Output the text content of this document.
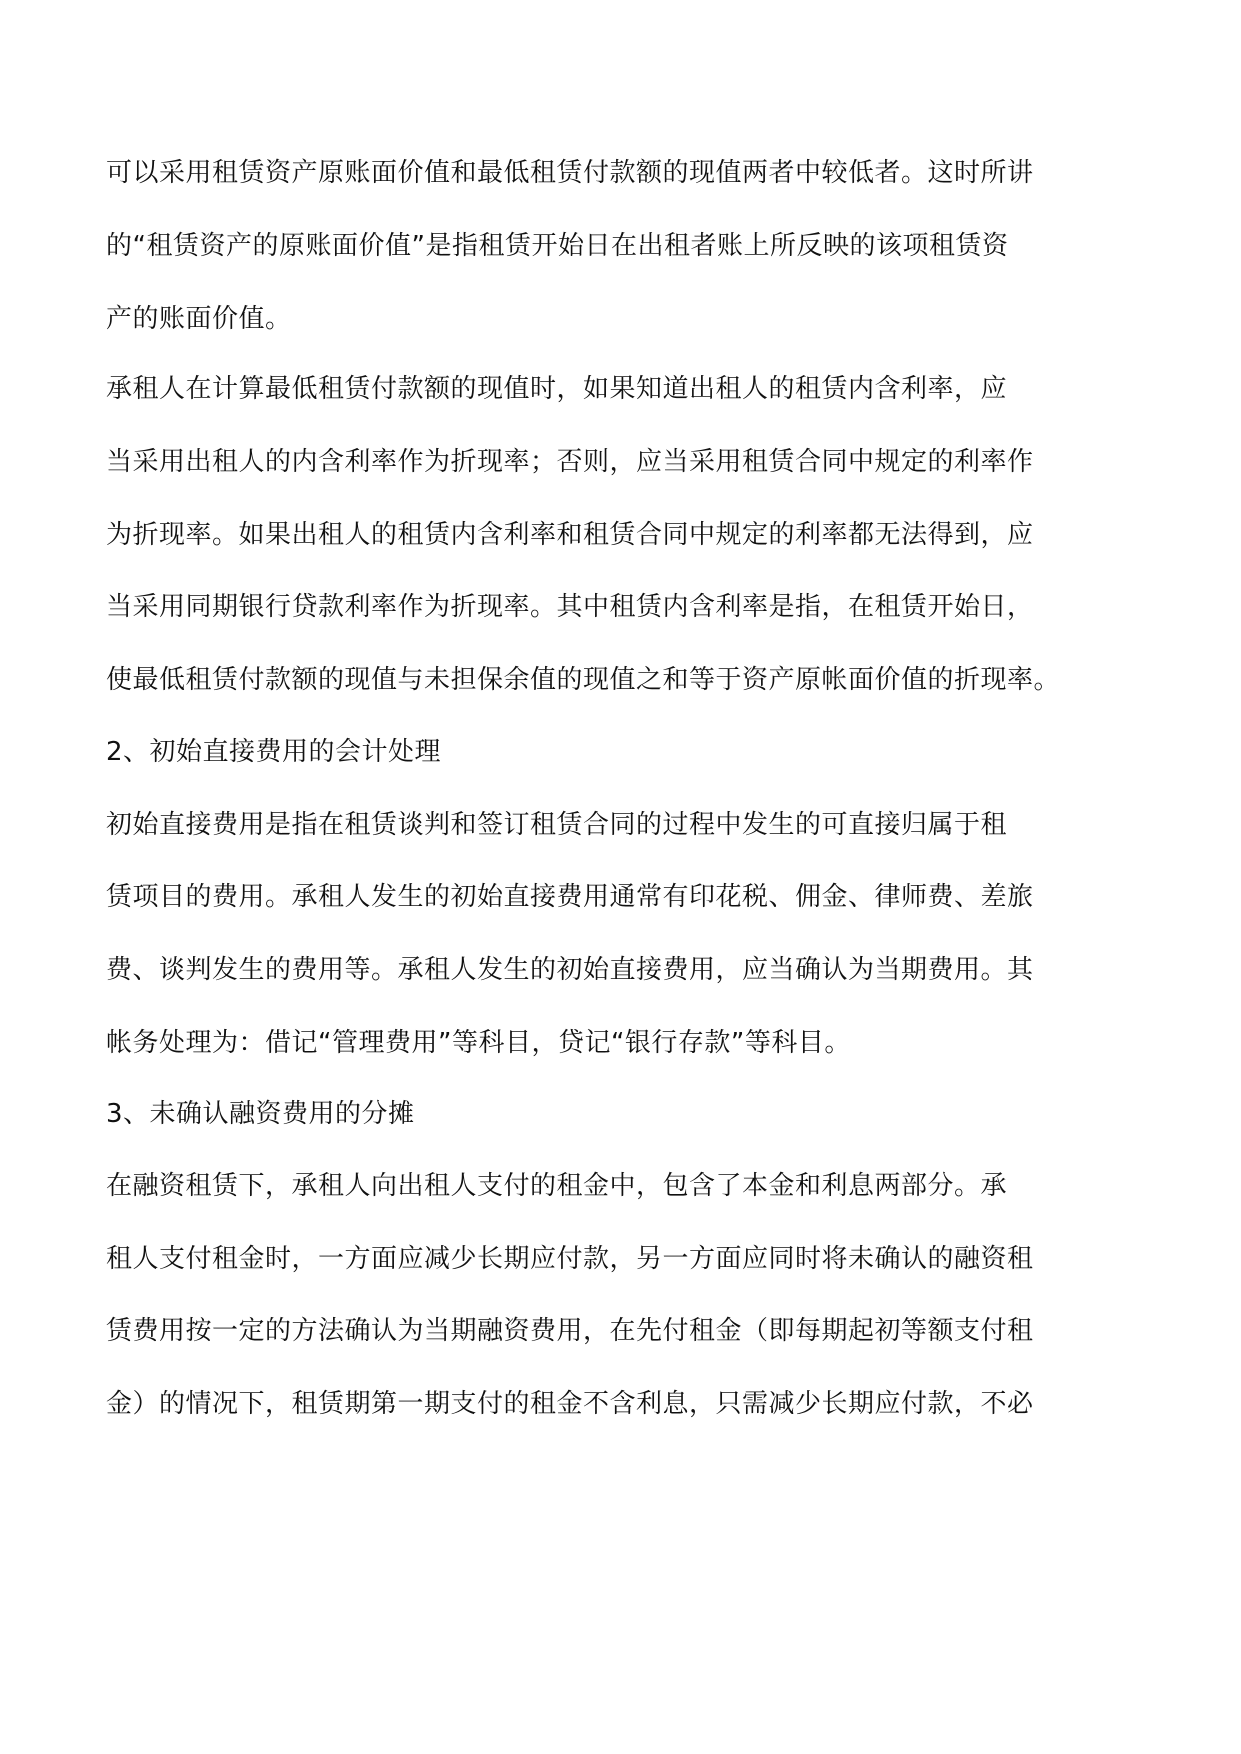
可以采用租赁资产原账面价值和最低租赁付款额的现值两者中较低者。这时所讲
的“租赁资产的原账面价值”是指租赁开始日在出租者账上所反映的该项租赁资
产的账面价值。
承租人在计算最低租赁付款额的现值时，如果知道出租人的租赁内含利率，应
当采用出租人的内含利率作为折现率；否则，应当采用租赁合同中规定的利率作
为折现率。如果出租人的租赁内含利率和租赁合同中规定的利率都无法得到，应
当采用同期银行贷款利率作为折现率。其中租赁内含利率是指，在租赁开始日，
使最低租赁付款额的现值与未担保余值的现值之和等于资产原帐面价值的折现率。
2、初始直接费用的会计处理
初始直接费用是指在租赁谈判和签订租赁合同的过程中发生的可直接归属于租
赁项目的费用。承租人发生的初始直接费用通常有印花税、佣金、律师费、差旅
费、谈判发生的费用等。承租人发生的初始直接费用，应当确认为当期费用。其
帐务处理为：借记“管理费用”等科目，贷记“银行存款”等科目。
3、未确认融资费用的分摊
在融资租赁下，承租人向出租人支付的租金中，包含了本金和利息两部分。承
租人支付租金时，一方面应减少长期应付款，另一方面应同时将未确认的融资租
赁费用按一定的方法确认为当期融资费用，在先付租金（即每期起初等额支付租
金）的情况下，租赁期第一期支付的租金不含利息，只需减少长期应付款，不必
